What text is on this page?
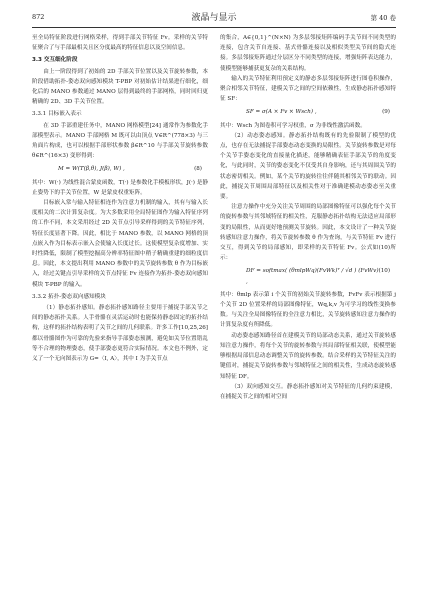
872	液晶与显示	第 40 卷

至全局特征阶段进行网格采样，得到手部关节特征 Fv。采样的关节特征聚合了与手部最相关且区分度最高的特征信息以及空间信息。

3.3 交互细化阶段

由上一阶段得到了初始的 2D 手部关节位置以及关节旋转参数，本阶段借助拓扑-姿态双向感知模块 T-PBP 对初始估计结果进行细化，细化后的 MANO 参数通过 MANO 层得到最终的手部网格，同时回归更精确的 2D、3D 手关节位置。

3.3.1 目标嵌入表示

在 3D 手部重建任务中，MANO 网格模型[24] 通常作为参数化手部模型表示。MANO 手部网格 M 既可以由顶点 V∈R^(778×3) 与三角面片构成，也可以根据手部形状参数 β∈R^10 与手部关节旋转参数 θ∈R^(16×3) 变形得到：

M = W(T(β,θ), J(β), W) ,	(8)

其中：W(·) 为线性混合蒙皮函数，T(·) 是参数化手模板形状，J(·) 是静止姿势下的手关节位置，W 是蒙皮权重矩阵。

目标嵌入常与输入特征相连作为注意力机制的输入，其有与输入长度相关的二次计算复杂度。为大多数采用全局特征图作为输入特征序列的工作不同，本文采用经过 2D 关节点引导采样得到的关节特征序列，特征长度显著下降。因此，相比于 MANO 参数，以 MANO 网格的顶点嵌入作为目标表示嵌入会使输入长度过长。这使模型复杂度增加、实时性降低，限制了模型挖掘高分辨率特征图中稍子精确重建的细粒度信息。因此，本文提出利用 MANO 参数中的关节旋转参数 θ 作为目标嵌入，经过关键点引导采样的关节点特征 Fv 连接作为拓扑-姿态双向感知模块 T-PBP 的输入。

3.3.2 拓扑-姿态双向感知模块

（1）静态拓扑感知。静态拓扑感知路径主要用于捕捉手部关节之间的静态拓扑关系。人手骨骼在灵活运动时也能保持静态固定的拓扑结构，这样的拓扑结构表明了关节之间的几何联系。许多工作[10,25,26] 都以骨骼图作为可靠的先验来指导手部姿态预测，避免如关节位置错乱等不合理的物理姿态，使手部姿态更符合实际情况。本文也不例外，定义了一个无向图表示为 G=〈I, A〉，其中 I 为手关节点

的集合，A∈{0,1}^(N×N) 为多层邻接矩阵编码手关节间不同类型的连接，包含关节自连接、基式骨骼连接以及相似类型关节间的隐式连接。多层邻接矩阵通过分层区分不同类型的连接，增强矩阵表达能力，使模型能够捕获更复杂的关系结构。

输入的关节特征利用预定义的静态多层邻接矩阵进行图卷积操作，聚合相邻关节特征，建模关节之间的空间依赖性，生成静态拓扑感知特征 SF：

SF = σ(A × Fv × Wsch) ,	(9)

其中：Wsch 为图卷积可学习权重，σ 为非线性激活函数。

（2）动态姿态感知。静态拓扑结构既有的先验限制了模型的优点，也存在无法捕捉手部姿态动态变换的局限性。关节旋转参数是对每个关节手姿态变化的直接量化描述，能够精确表征手部关节的角度变化，与此同时，关节的姿态变化不仅受其自身影响，还与其周围关节的状态密切相关。例如，某个关节的旋转往往伴随其相邻关节的联动。因此，捕捉关节周围局部特征以及相关性对于准确建模动态姿态至关重要。

注意力操作中充分关注关节周围的局部图像特征可以强化每个关节的旋转参数与其邻域特征的相关性，克服静态拓扑结构无法适应局部形变的局限性，从而更好地预测关节旋转。因此，本文设计了一种关节旋转感知注意力操作，将关节旋转参数 θ 作为查询，与关节特征 Fv 进行交互，得到关节的局部感知，即采样的关节特征 Fv。公式如(10)所示：

DF = softmax( (θmlpWq)(FvWk)ᵀ / √d ) (FvWv) ,
(10)

其中：θmlp 表示第 i 个关节的初始关节旋转参数，FvFv 表示根据第 j 个关节 2D 位置采样的局部图像特征，Wq,k,v 为可学习的线性变换参数。与关注全局图像特征的全注意力相比，关节旋转感知注意力操作的计算复杂度有所降低。

动态姿态感知路径首在建模关节的局部动态关系，通过关节旋转感知注意力操作，将每个关节的旋转参数与其局部特征相关联，使模型能够根据局部信息动态调整关节的旋转参数。结合采样的关节特征关注的键值对，捕捉关节旋转参数与邻域特征之间的相关性，生成动态旋转感知特征 DF。

（3）双向感知交互。静态拓扑感知对关节特征的几何约束建模，在捕捉关节之间的相对空间
